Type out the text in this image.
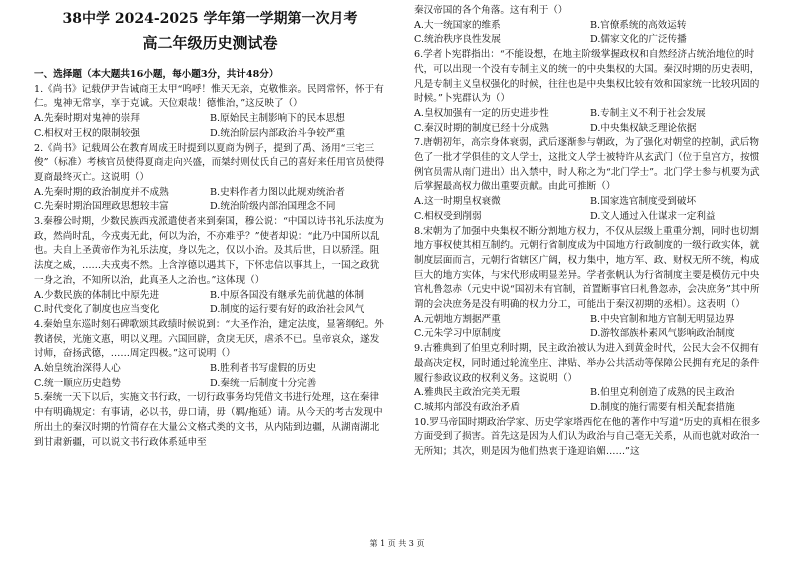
38中学 2024-2025 学年第一学期第一次月考
高二年级历史测试卷

一、选择题（本大题共16小题，每小题3分，共计48分）

1.《尚书》记载伊尹告诫商王太甲“呜呼！惟天无亲，克敬惟亲。民罔常怀，怀于有仁。鬼神无常享，享于克诚。天位艰哉！德惟治，”这反映了（）

A.先秦时期对鬼神的崇拜	B.原始民主制影响下的民本思想
C.相权对王权的限制较强	D.统治阶层内部政治斗争较严重

2.《尚书》记载周公在教育周成王时提到以夏商为例子，提到了禹、汤用“三宅三俊”（标准）考核官员使得夏商走向兴盛，而桀纣则仗氏自己的喜好来任用官员使得夏商最终灭亡。这说明（）

A.先秦时期的政治制度并不成熟	B.史料作者力图以此规劝统治者
C.先秦时期治国理政思想较丰富	D.统治阶级内部治国理念不同

3.秦穆公时期，少数民族西戎派遣使者来到秦国，穆公说：“中国以诗书礼乐法度为政，然尚时乱，今戎夷无此，何以为治，不亦难乎？”使者却说：“此乃中国所以乱也。夫自上圣黄帝作为礼乐法度，身以先之，仅以小治。及其后世，日以骄淫。阻法度之威，……夫戎夷不然。上含淳德以遇其下，下怀忠信以事其上，一国之政犹一身之治，不知所以治，此真圣人之治也。”这体现（）

A.少数民族的体制比中原先进	B.中原各国没有继承先前优越的体制
C.时代变化了制度也应当变化	D.制度的运行要有好的政治社会风气

4.秦始皇东巡时刻石碑歌颂其政绩时候说到：“大圣作治，建定法度，显箸纲纪。外教诸侯，光施文惠，明以义理。六国回辟，贪戾无厌，虐杀不已。皇帝哀众，遂发讨师，奋扬武德，……周定四极。”这可说明（）

A.始皇统治深得人心	B.胜利者书写虚假的历史
C.统一顺应历史趋势	D.秦统一后制度十分完善

5.秦统一天下以后，实施文书行政，一切行政事务均凭借文书进行处理，这在秦律中有明确规定：有事请，必以书，毋口请，毋（羁/拖延）请。从今天的考古发现中所出土的秦汉时期的竹简存在大量公文格式类的文书，从内陆到边疆，从湖南湖北到甘肃新疆，可以说文书行政体系延申至

秦汉帝国的各个角落。这有利于（）

A.大一统国家的维系	B.官僚系统的高效运转
C.统治秩序良性发展	D.儒家文化的广泛传播

6.学者卜宪群指出：“不能设想，在地主阶级掌握政权和自然经济占统治地位的时代，可以出现一个没有专制主义的统一的中央集权的大国。秦汉时期的历史表明，凡是专制主义皇权强化的时候，往往也是中央集权比较有效和国家统一比较巩固的时候。”卜宪群认为（）

A.皇权加强有一定的历史进步性	B.专制主义不利于社会发展
C.秦汉时期的制度已经十分成熟	D.中央集权缺乏理论依据

7.唐朝初年，高宗身体衰弱，武后逐渐参与朝政，为了强化对朝堂的控制，武后物色了一批才学俱佳的文人学士，这批文人学士被特许从玄武门（位于皇宫方，按惯例官员需从南门进出）出入禁中，时人称之为“北门学士”。北门学士参与机要为武后掌握最高权力做出重要贡献。由此可推断（）

A.这一时期皇权衰微	B.国家选官制度受到破坏
C.相权受到削弱	D.文人通过入仕谋求一定利益

8.宋朝为了加强中央集权不断分割地方权力，不仅从层级上重重分割，同时也切割地方事权使其相互制约。元朝行省制度成为中国地方行政制度的一级行政实体，就制度层面而言，元朝行省辖区广阔，权力集中，地方军、政、财权无所不统，构成巨大的地方实体，与宋代形成明显差异。学者张帆认为行省制度主要是模仿元中央官札鲁忽赤（元史中说“国初未有官制，首置断事官曰札鲁忽赤，会决庶务”其中所谓的会决庶务是没有明确的权力分工，可能出于秦汉初期的丞相）。这表明（）

A.元朝地方割据严重	B.中央官制和地方官制无明显边界
C.元朱学习中原制度	D.游牧部族朴素风气影响政治制度

9.古雅典到了伯里克利时期，民主政治被认为进入到黄金时代，公民大会不仅拥有最高决定权，同时通过轮流坐庄、津贴、举办公共活动等保障公民拥有充足的条件履行参政议政的权利义务。这说明（）

A.雅典民主政治完美无瑕	B.伯里克利创造了成熟的民主政治
C.城邦内部没有政治矛盾	D.制度的施行需要有相关配套措施

10.罗马帝国时期政治学家、历史学家塔西佗在他的著作中写道“历史的真相在很多方面受到了损害。首先这是因为人们认为政治与自己毫无关系，从而也就对政治一无所知；其次，则是因为他们热衷于逢迎谄媚……”这

第 1 页 共 3 页
